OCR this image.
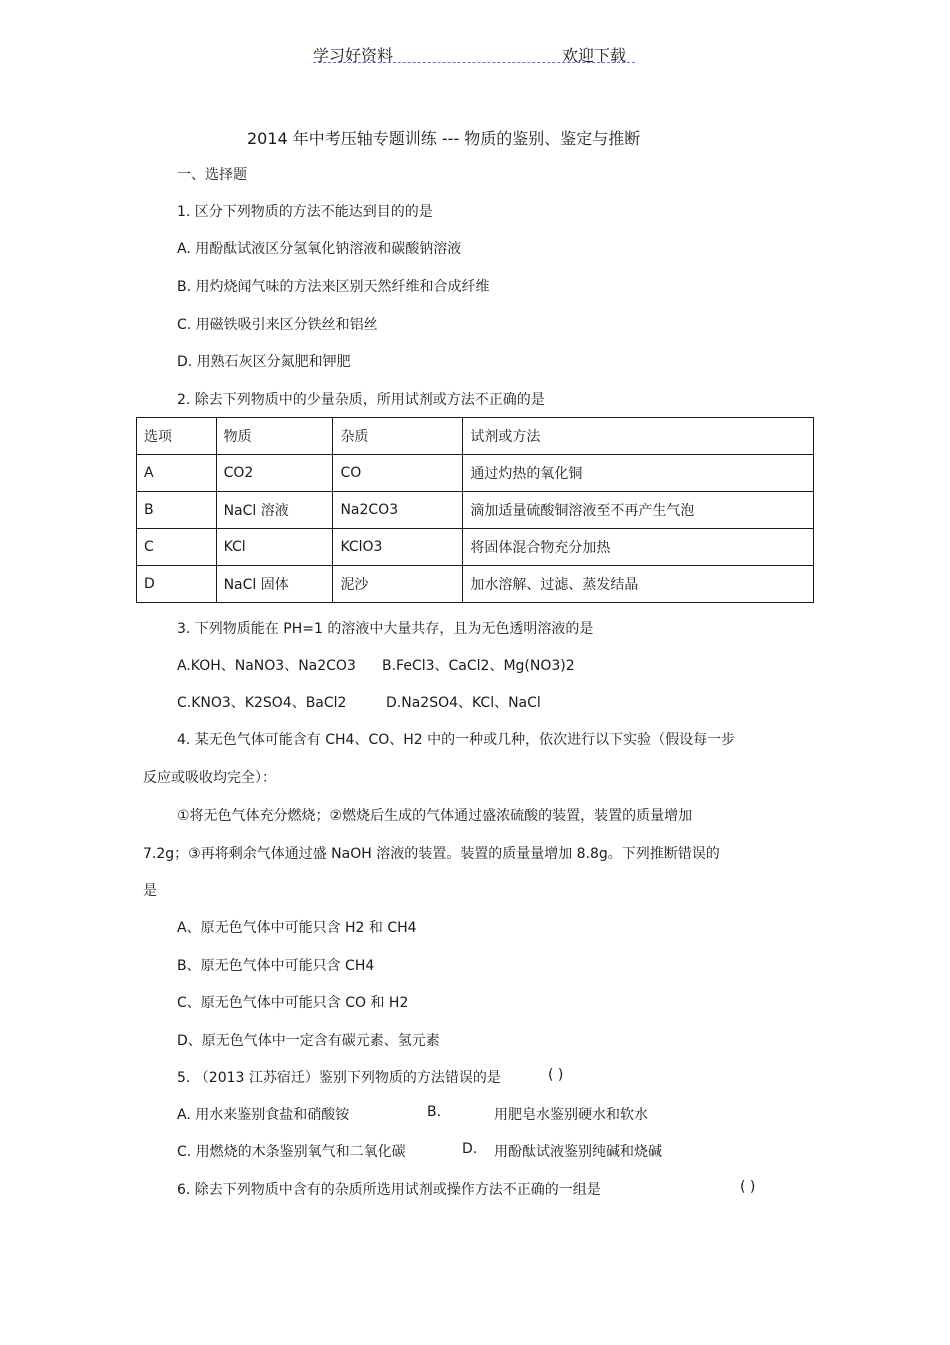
学习好资料	欢迎下载
2014 年中考压轴专题训练 --- 物质的鉴别、鉴定与推断
一、选择题
1. 区分下列物质的方法不能达到目的的是
A. 用酚酞试液区分氢氧化钠溶液和碳酸钠溶液
B. 用灼烧闻气味的方法来区别天然纤维和合成纤维
C. 用磁铁吸引来区分铁丝和铝丝
D. 用熟石灰区分氮肥和钾肥
2. 除去下列物质中的少量杂质，所用试剂或方法不正确的是
选项	物质	杂质	试剂或方法
A	CO2	CO	通过灼热的氧化铜
B	NaCl 溶液	Na2CO3	滴加适量硫酸铜溶液至不再产生气泡
C	KCl	KClO3	将固体混合物充分加热
D	NaCl 固体	泥沙	加水溶解、过滤、蒸发结晶
3. 下列物质能在 PH=1 的溶液中大量共存，且为无色透明溶液的是
A.KOH、NaNO3、Na2CO3 B.FeCl3、CaCl2、Mg(NO3)2
C.KNO3、K2SO4、BaCl2	D.Na2SO4、KCl、NaCl
4. 某无色气体可能含有 CH4、CO、H2 中的一种或几种，依次进行以下实验（假设每一步
反应或吸收均完全）：
①将无色气体充分燃烧；②燃烧后生成的气体通过盛浓硫酸的装置，装置的质量增加
7.2g；③再将剩余气体通过盛 NaOH 溶液的装置。装置的质量量增加 8.8g。下列推断错误的
是
A、原无色气体中可能只含 H2 和 CH4
B、原无色气体中可能只含 CH4
C、原无色气体中可能只含 CO 和 H2
D、原无色气体中一定含有碳元素、氢元素
5. （2013 江苏宿迁）鉴别下列物质的方法错误的是	( )
A. 用水来鉴别食盐和硝酸铵	B.	用肥皂水鉴别硬水和软水
C. 用燃烧的木条鉴别氧气和二氧化碳	D. 用酚酞试液鉴别纯碱和烧碱
6. 除去下列物质中含有的杂质所选用试剂或操作方法不正确的一组是	( )
